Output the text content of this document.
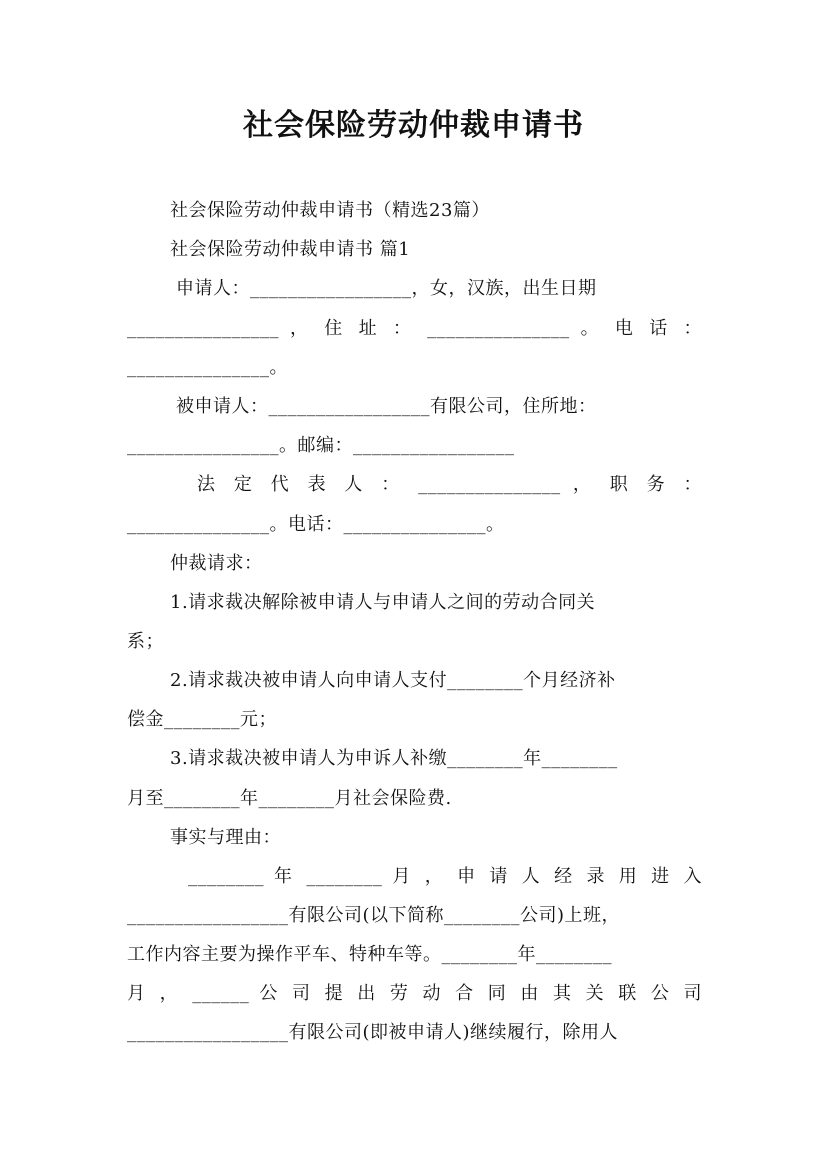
社会保险劳动仲裁申请书
社会保险劳动仲裁申请书（精选23篇）
社会保险劳动仲裁申请书 篇1
申请人：_________________，女，汉族，出生日期
________________ ， 住 址 ： _______________ 。 电 话 ：
_______________。
被申请人：_________________有限公司，住所地：
________________。邮编：_________________
法 定 代 表 人 ： _______________ ， 职 务 ：
_______________。电话：_______________。
仲裁请求：
1.请求裁决解除被申请人与申请人之间的劳动合同关
系；
2.请求裁决被申请人向申请人支付________个月经济补
偿金________元；
3.请求裁决被申请人为申诉人补缴________年________
月至________年________月社会保险费.
事实与理由：
________ 年 ________ 月 ， 申 请 人 经 录 用 进 入
_________________有限公司(以下简称________公司)上班，
工作内容主要为操作平车、特种车等。________年________
月 ， ______ 公 司 提 出 劳 动 合 同 由 其 关 联 公 司
_________________有限公司(即被申请人)继续履行，除用人
